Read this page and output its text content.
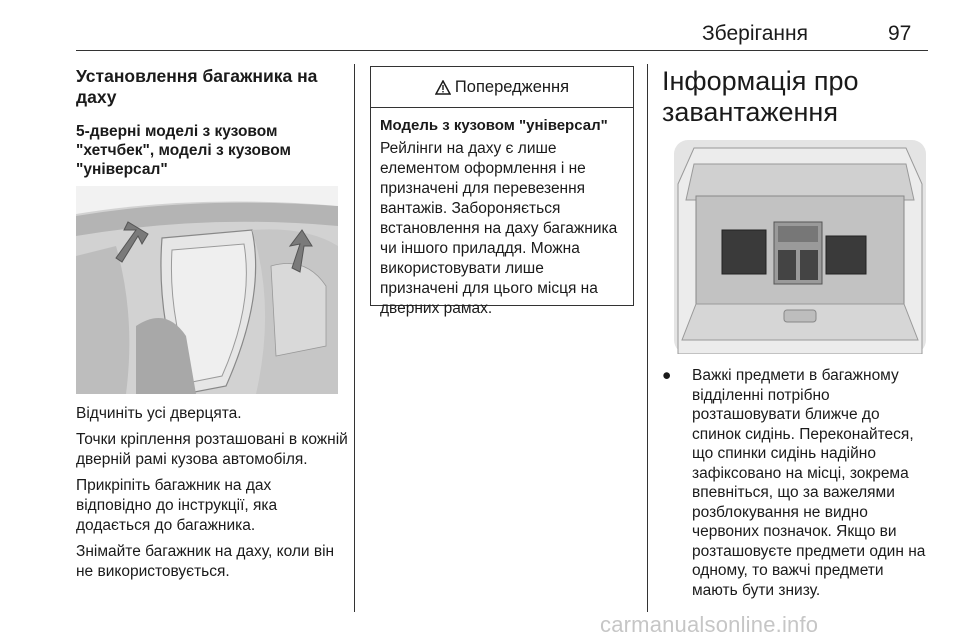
Зберігання	97
Установлення багажника на даху
5-дверні моделі з кузовом "хетчбек", моделі з кузовом "універсал"

Відчиніть усі дверцята.

Точки кріплення розташовані в кожній дверній рамі кузова автомобіля.

Прикріпіть багажник на дах відповідно до інструкції, яка додається до багажника.

Знімайте багажник на даху, коли він не використовується.

Попередження
Модель з кузовом "універсал"
Рейлінги на даху є лише елементом оформлення і не призначені для перевезення вантажів. Забороняється встановлення на даху багажника чи іншого приладдя. Можна використовувати лише призначені для цього місця на дверних рамах.
Інформація про завантаження
●	Важкі предмети в багажному відділенні потрібно розташовувати ближче до спинок сидінь. Переконайтеся, що спинки сидінь надійно зафіксовано на місці, зокрема впевніться, що за важелями розблокування не видно червоних позначок. Якщо ви розташовуєте предмети один на одному, то важчі предмети мають бути знизу.
carmanualsonline.info
